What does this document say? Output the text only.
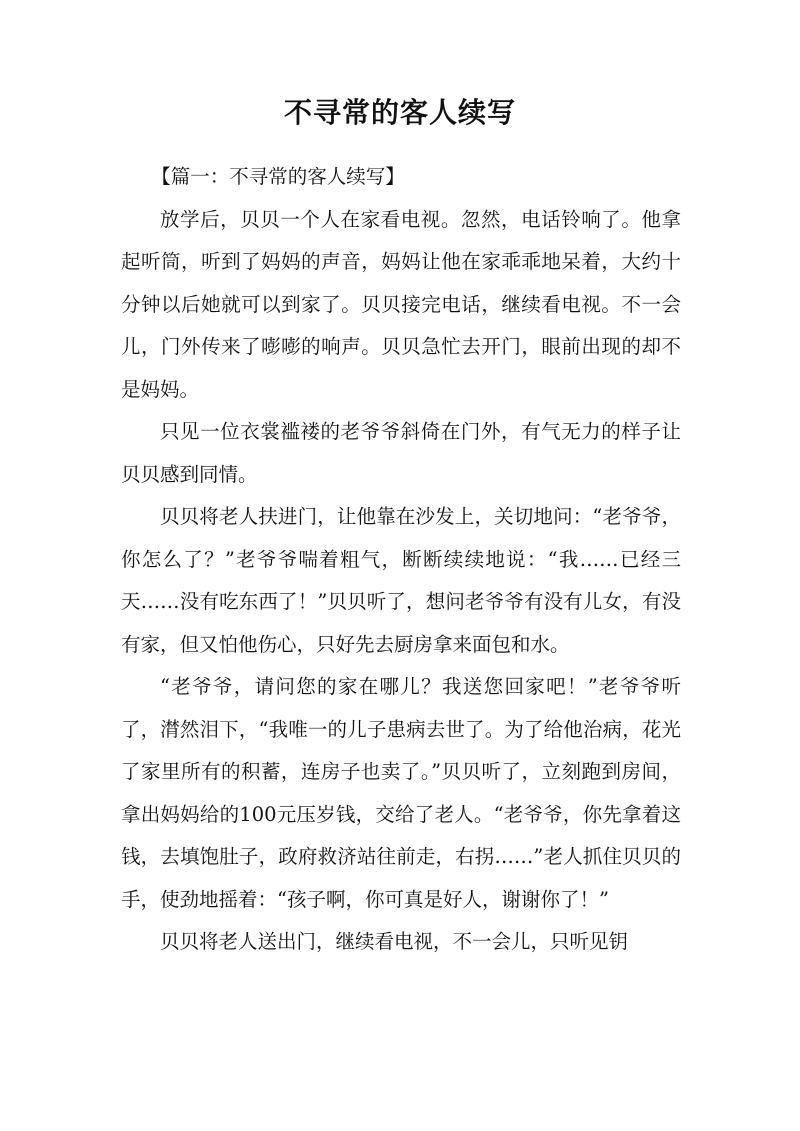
不寻常的客人续写

【篇一：不寻常的客人续写】

放学后，贝贝一个人在家看电视。忽然，电话铃响了。他拿起听筒，听到了妈妈的声音，妈妈让他在家乖乖地呆着，大约十分钟以后她就可以到家了。贝贝接完电话，继续看电视。不一会儿，门外传来了嘭嘭的响声。贝贝急忙去开门，眼前出现的却不是妈妈。

只见一位衣裳褴褛的老爷爷斜倚在门外，有气无力的样子让贝贝感到同情。

贝贝将老人扶进门，让他靠在沙发上，关切地问：“老爷爷，你怎么了？”老爷爷喘着粗气，断断续续地说：“我……已经三天……没有吃东西了！”贝贝听了，想问老爷爷有没有儿女，有没有家，但又怕他伤心，只好先去厨房拿来面包和水。

“老爷爷，请问您的家在哪儿？我送您回家吧！”老爷爷听了，潸然泪下，“我唯一的儿子患病去世了。为了给他治病，花光了家里所有的积蓄，连房子也卖了。”贝贝听了，立刻跑到房间，拿出妈妈给的100元压岁钱，交给了老人。“老爷爷，你先拿着这钱，去填饱肚子，政府救济站往前走，右拐……”老人抓住贝贝的手，使劲地摇着：“孩子啊，你可真是好人，谢谢你了！”

贝贝将老人送出门，继续看电视，不一会儿，只听见钥
